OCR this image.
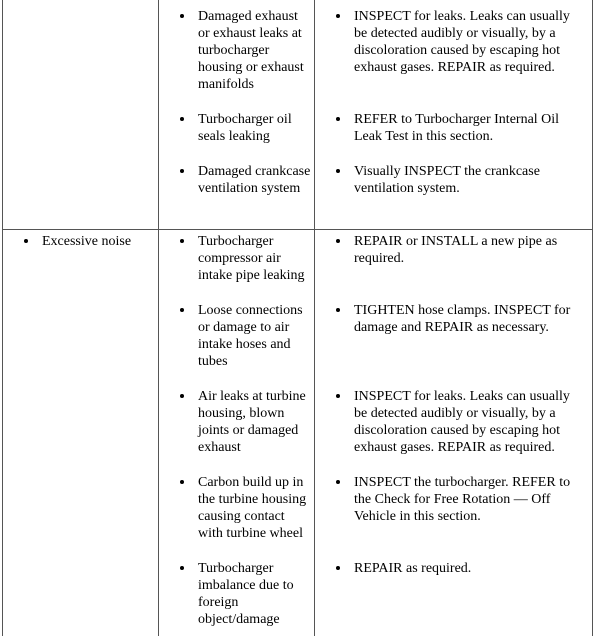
Damaged exhaust or exhaust leaks at turbocharger housing or exhaust manifolds
Turbocharger oil seals leaking
Damaged crankcase ventilation system
INSPECT for leaks. Leaks can usually be detected audibly or visually, by a discoloration caused by escaping hot exhaust gases. REPAIR as required.
REFER to Turbocharger Internal Oil Leak Test in this section.
Visually INSPECT the crankcase ventilation system.
Excessive noise	Turbocharger compressor air intake pipe leaking
Loose connections or damage to air intake hoses and tubes
Air leaks at turbine housing, blown joints or damaged exhaust
Carbon build up in the turbine housing causing contact with turbine wheel
Turbocharger imbalance due to foreign object/damage
REPAIR or INSTALL a new pipe as required.
TIGHTEN hose clamps. INSPECT for damage and REPAIR as necessary.
INSPECT for leaks. Leaks can usually be detected audibly or visually, by a discoloration caused by escaping hot exhaust gases. REPAIR as required.
INSPECT the turbocharger. REFER to the Check for Free Rotation — Off Vehicle in this section.
REPAIR as required.
